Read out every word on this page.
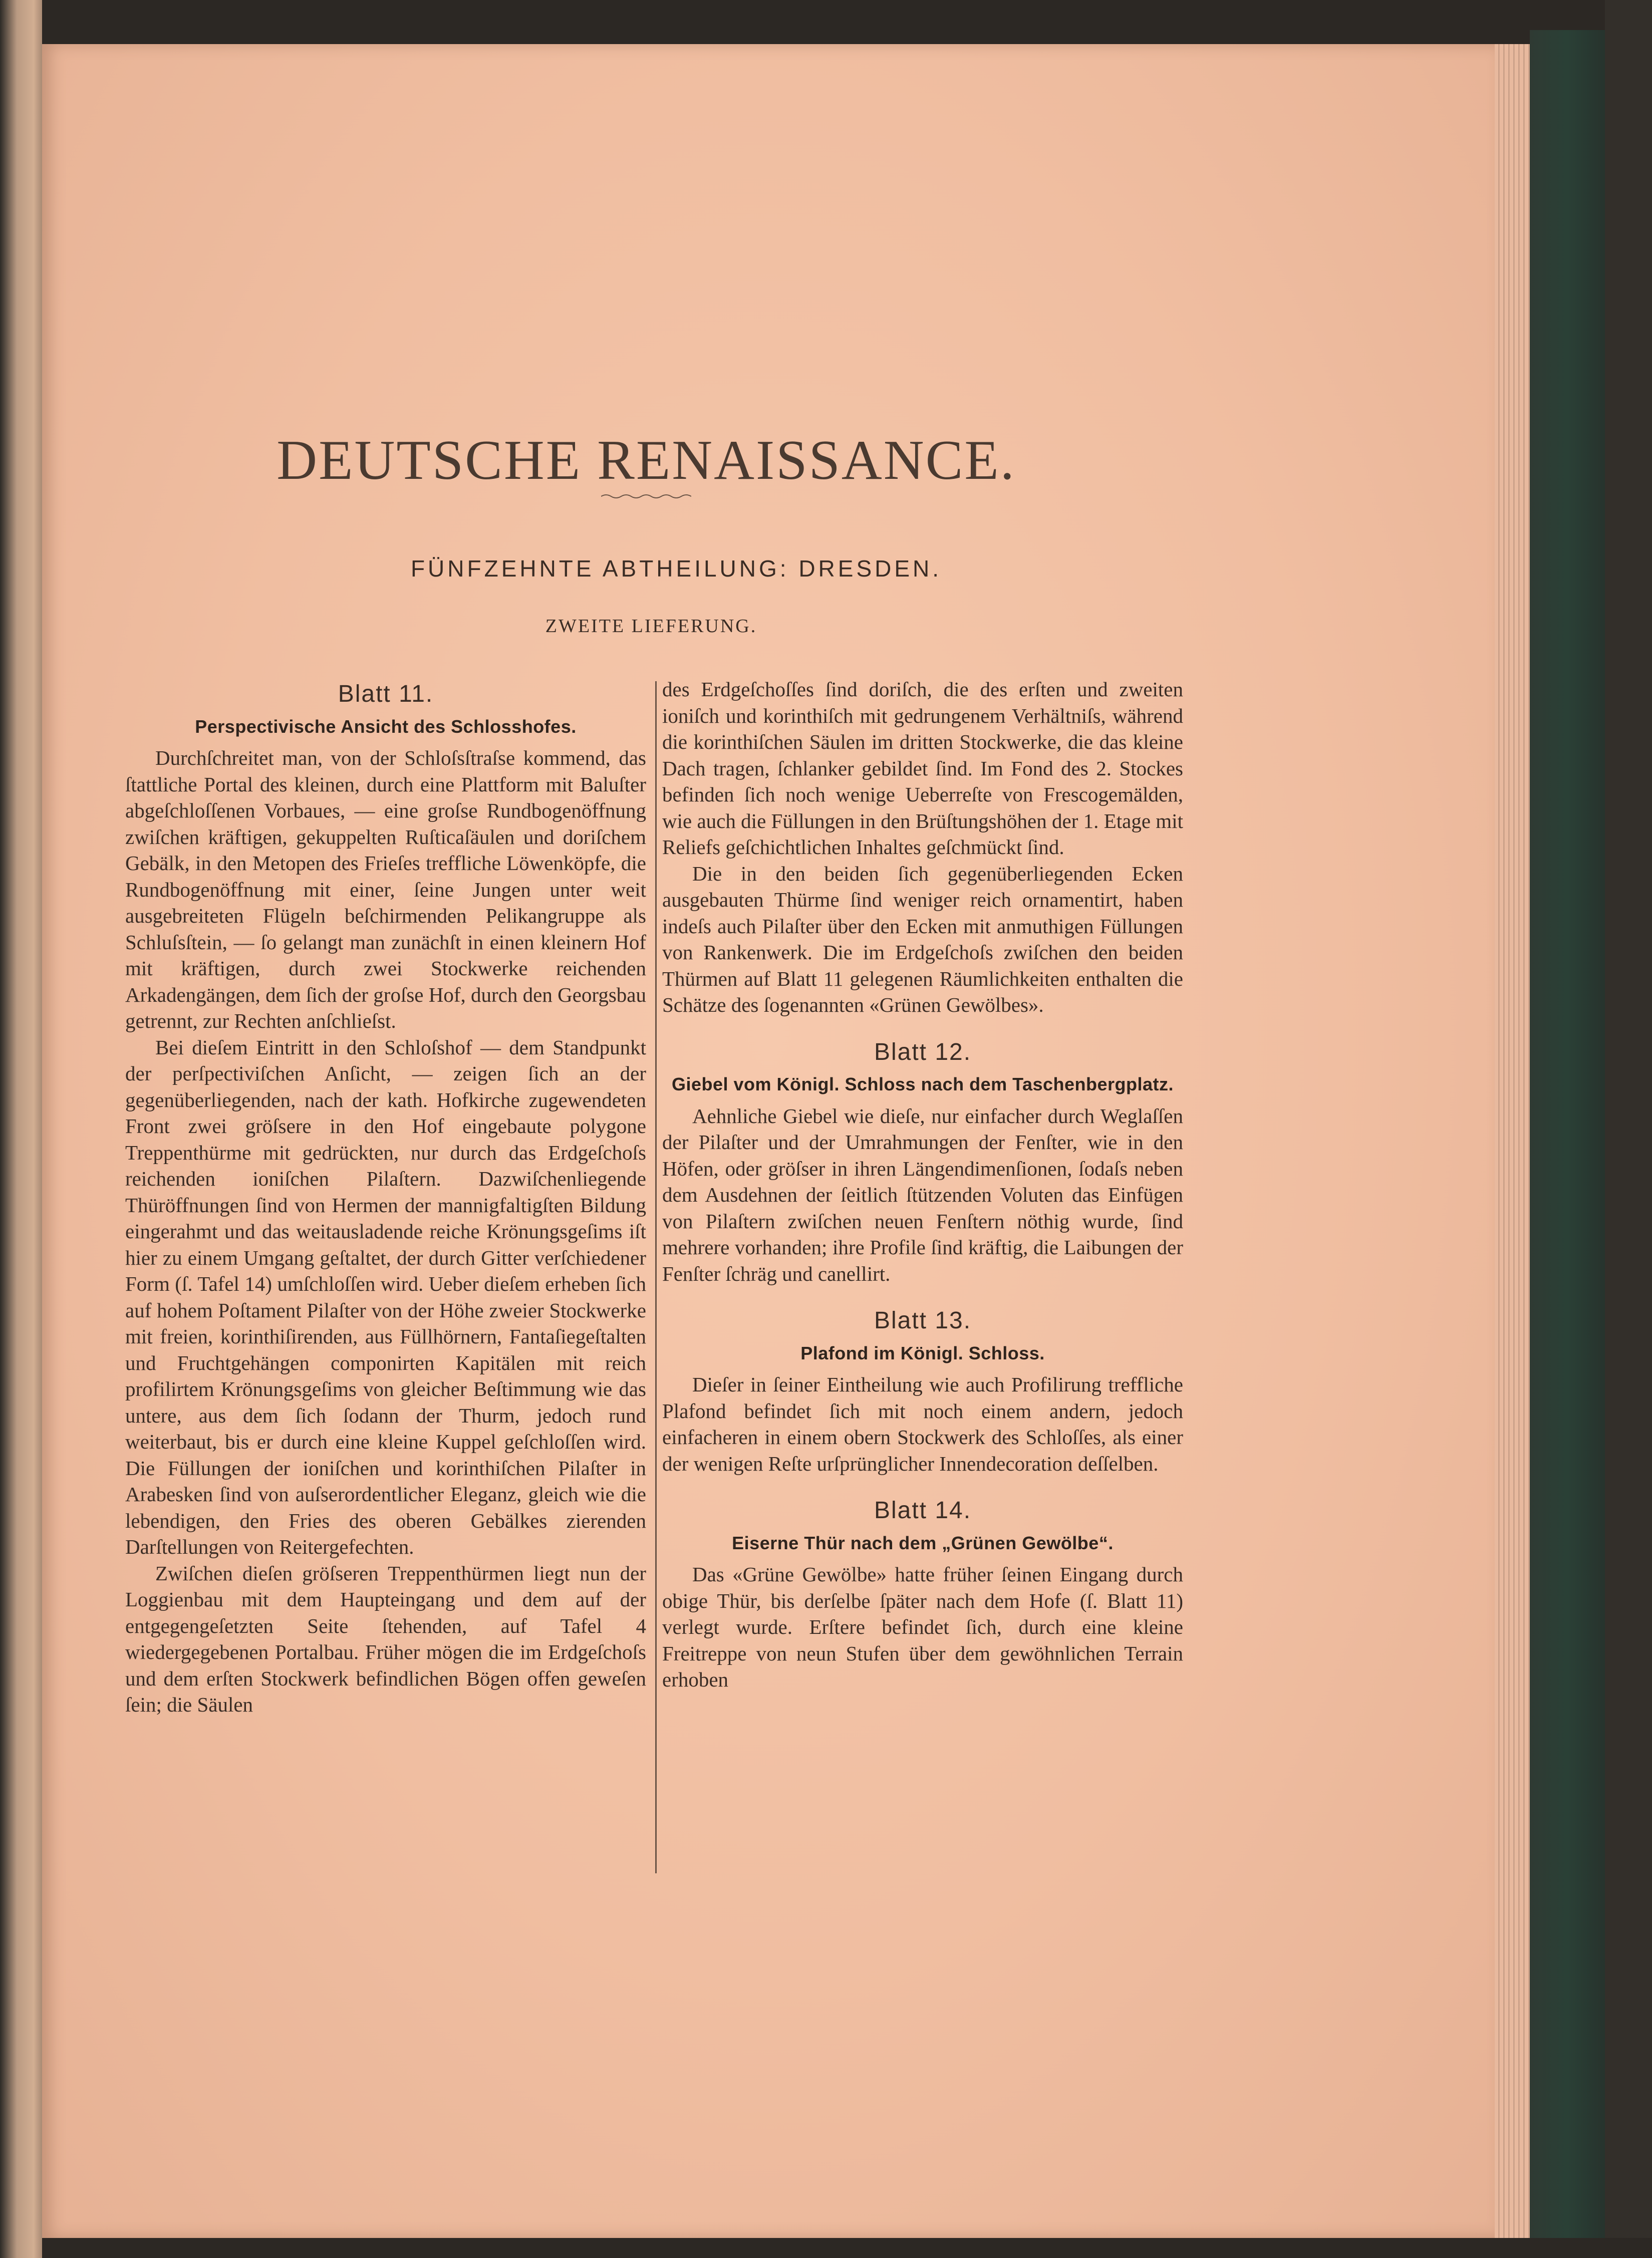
DEUTSCHE RENAISSANCE.
FÜNFZEHNTE ABTHEILUNG: DRESDEN.
ZWEITE LIEFERUNG.
Blatt 11.
Perspectivische Ansicht des Schlosshofes.

Durchſchreitet man, von der Schloſsſtraſse kommend, das ſtattliche Portal des kleinen, durch eine Plattform mit Baluſter abgeſchloſſenen Vorbaues, — eine groſse Rundbogenöffnung zwiſchen kräftigen, gekuppelten Ruſticaſäulen und doriſchem Gebälk, in den Metopen des Frieſes treffliche Löwenköpfe, die Rundbogenöffnung mit einer, ſeine Jungen unter weit ausgebreiteten Flügeln beſchirmenden Pelikangruppe als Schluſsſtein, — ſo gelangt man zunächſt in einen kleinern Hof mit kräftigen, durch zwei Stockwerke reichenden Arkadengängen, dem ſich der groſse Hof, durch den Georgsbau getrennt, zur Rechten anſchlieſst.

Bei dieſem Eintritt in den Schloſshof — dem Standpunkt der perſpectiviſchen Anſicht, — zeigen ſich an der gegenüberliegenden, nach der kath. Hofkirche zugewendeten Front zwei gröſsere in den Hof eingebaute polygone Treppenthürme mit gedrückten, nur durch das Erdgeſchoſs reichenden ioniſchen Pilaſtern. Dazwiſchenliegende Thüröffnungen ſind von Hermen der mannigfaltigſten Bildung eingerahmt und das weitausladende reiche Krönungsgeſims iſt hier zu einem Umgang geſtaltet, der durch Gitter verſchiedener Form (ſ. Tafel 14) umſchloſſen wird. Ueber dieſem erheben ſich auf hohem Poſtament Pilaſter von der Höhe zweier Stockwerke mit freien, korinthiſirenden, aus Füllhörnern, Fantaſiegeſtalten und Fruchtgehängen componirten Kapitälen mit reich profilirtem Krönungsgeſims von gleicher Beſtimmung wie das untere, aus dem ſich ſodann der Thurm, jedoch rund weiterbaut, bis er durch eine kleine Kuppel geſchloſſen wird. Die Füllungen der ioniſchen und korinthiſchen Pilaſter in Arabesken ſind von auſserordentlicher Eleganz, gleich wie die lebendigen, den Fries des oberen Gebälkes zierenden Darſtellungen von Reitergefechten.

Zwiſchen dieſen gröſseren Treppenthürmen liegt nun der Loggienbau mit dem Haupteingang und dem auf der entgegengeſetzten Seite ſtehenden, auf Tafel 4 wiedergegebenen Portalbau. Früher mögen die im Erdgeſchoſs und dem erſten Stockwerk befindlichen Bögen offen geweſen ſein; die Säulen

des Erdgeſchoſſes ſind doriſch, die des erſten und zweiten ioniſch und korinthiſch mit gedrungenem Verhältniſs, während die korinthiſchen Säulen im dritten Stockwerke, die das kleine Dach tragen, ſchlanker gebildet ſind. Im Fond des 2. Stockes befinden ſich noch wenige Ueberreſte von Frescogemälden, wie auch die Füllungen in den Brüſtungshöhen der 1. Etage mit Reliefs geſchichtlichen Inhaltes geſchmückt ſind.

Die in den beiden ſich gegenüberliegenden Ecken ausgebauten Thürme ſind weniger reich ornamentirt, haben indeſs auch Pilaſter über den Ecken mit anmuthigen Füllungen von Rankenwerk. Die im Erdgeſchoſs zwiſchen den beiden Thürmen auf Blatt 11 gelegenen Räumlichkeiten enthalten die Schätze des ſogenannten «Grünen Gewölbes».

Blatt 12.
Giebel vom Königl. Schloss nach dem Taschenbergplatz.

Aehnliche Giebel wie dieſe, nur einfacher durch Weglaſſen der Pilaſter und der Umrahmungen der Fenſter, wie in den Höfen, oder gröſser in ihren Längendimenſionen, ſodaſs neben dem Ausdehnen der ſeitlich ſtützenden Voluten das Einfügen von Pilaſtern zwiſchen neuen Fenſtern nöthig wurde, ſind mehrere vorhanden; ihre Profile ſind kräftig, die Laibungen der Fenſter ſchräg und canellirt.

Blatt 13.
Plafond im Königl. Schloss.

Dieſer in ſeiner Eintheilung wie auch Profilirung treffliche Plafond befindet ſich mit noch einem andern, jedoch einfacheren in einem obern Stockwerk des Schloſſes, als einer der wenigen Reſte urſprünglicher Innendecoration deſſelben.

Blatt 14.
Eiserne Thür nach dem „Grünen Gewölbe“.

Das «Grüne Gewölbe» hatte früher ſeinen Eingang durch obige Thür, bis derſelbe ſpäter nach dem Hofe (ſ. Blatt 11) verlegt wurde. Erſtere befindet ſich, durch eine kleine Freitreppe von neun Stufen über dem gewöhnlichen Terrain erhoben
